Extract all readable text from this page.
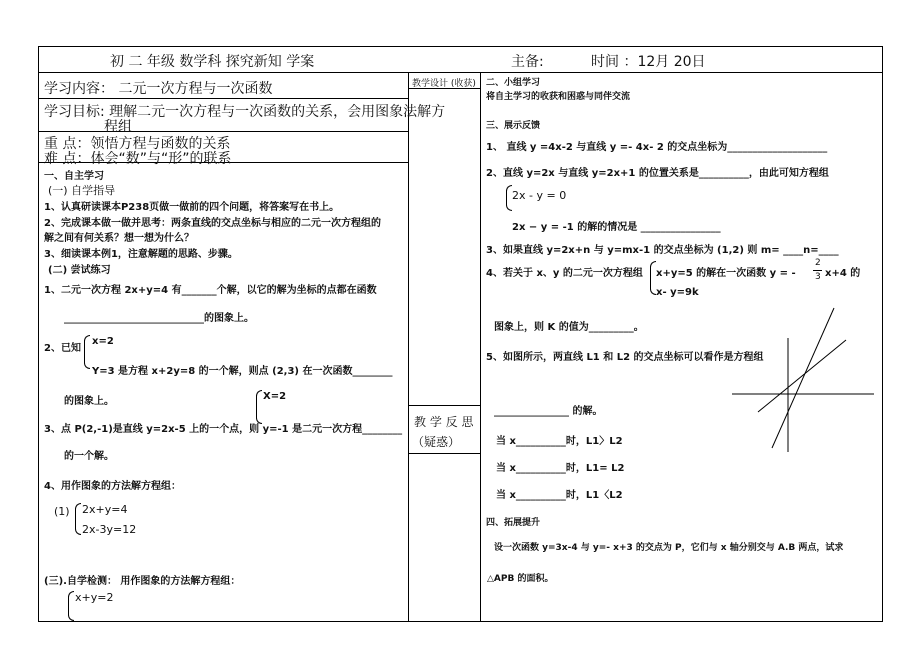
初 二 年级 数学科 探究新知 学案	主备:	时间 ：12月 20日
学习内容： 二元一次方程与一次函数
学习目标: 理解二元一次方程与一次函数的关系，会用图象法解方
程组
重 点：领悟方程与函数的关系
难 点：体会“数”与“形”的联系
一、自主学习
(一) 自学指导
1、认真研读课本P238页做一做前的四个问题，将答案写在书上。
2、完成课本做一做并思考：两条直线的交点坐标与相应的二元一次方程组的
解之间有何关系？想一想为什么？
3、细读课本例1，注意解题的思路、步骤。
(二) 尝试练习
1、二元一次方程 2x+y=4 有_______个解，以它的解为坐标的点都在函数
____________________________的图象上。
2、已知
x=2
Y=3 是方程 x+2y=8 的一个解，则点 (2,3) 在一次函数________
的图象上。	X=2
3、点 P(2,-1)是直线 y=2x-5 上的一个点，则 y=-1 是二元一次方程________
的一个解。
4、用作图象的方法解方程组：
(1) 2x+y=4
2x-3y=12
(三).自学检测： 用作图象的方法解方程组：
x+y=2
教学设计 (收获)
教 学 反 思
（疑惑）
二、小组学习
将自主学习的收获和困惑与同伴交流
三、展示反馈
1、 直线 y =4x-2 与直线 y =- 4x- 2 的交点坐标为____________________
2、直线 y=2x 与直线 y=2x+1 的位置关系是__________，由此可知方程组
2x - y = 0
2x − y = -1 的解的情况是 ________________
3、如果直线 y=2x+n 与 y=mx-1 的交点坐标为 (1,2) 则 m= ____n=____
4、若关于 x、y 的二元一次方程组 x+y=5 的解在一次函数 y = -
2
3 x+4 的
x- y=9k
图象上，则 K 的值为_________。
5、如图所示，两直线 L1 和 L2 的交点坐标可以看作是方程组
_______________ 的解。
当 x__________时，L1〉L2
当 x__________时，L1= L2
当 x__________时，L1〈L2
四、拓展提升
设一次函数 y=3x-4 与 y=- x+3 的交点为 P，它们与 x 轴分别交与 A.B 两点，试求
△APB 的面积。
